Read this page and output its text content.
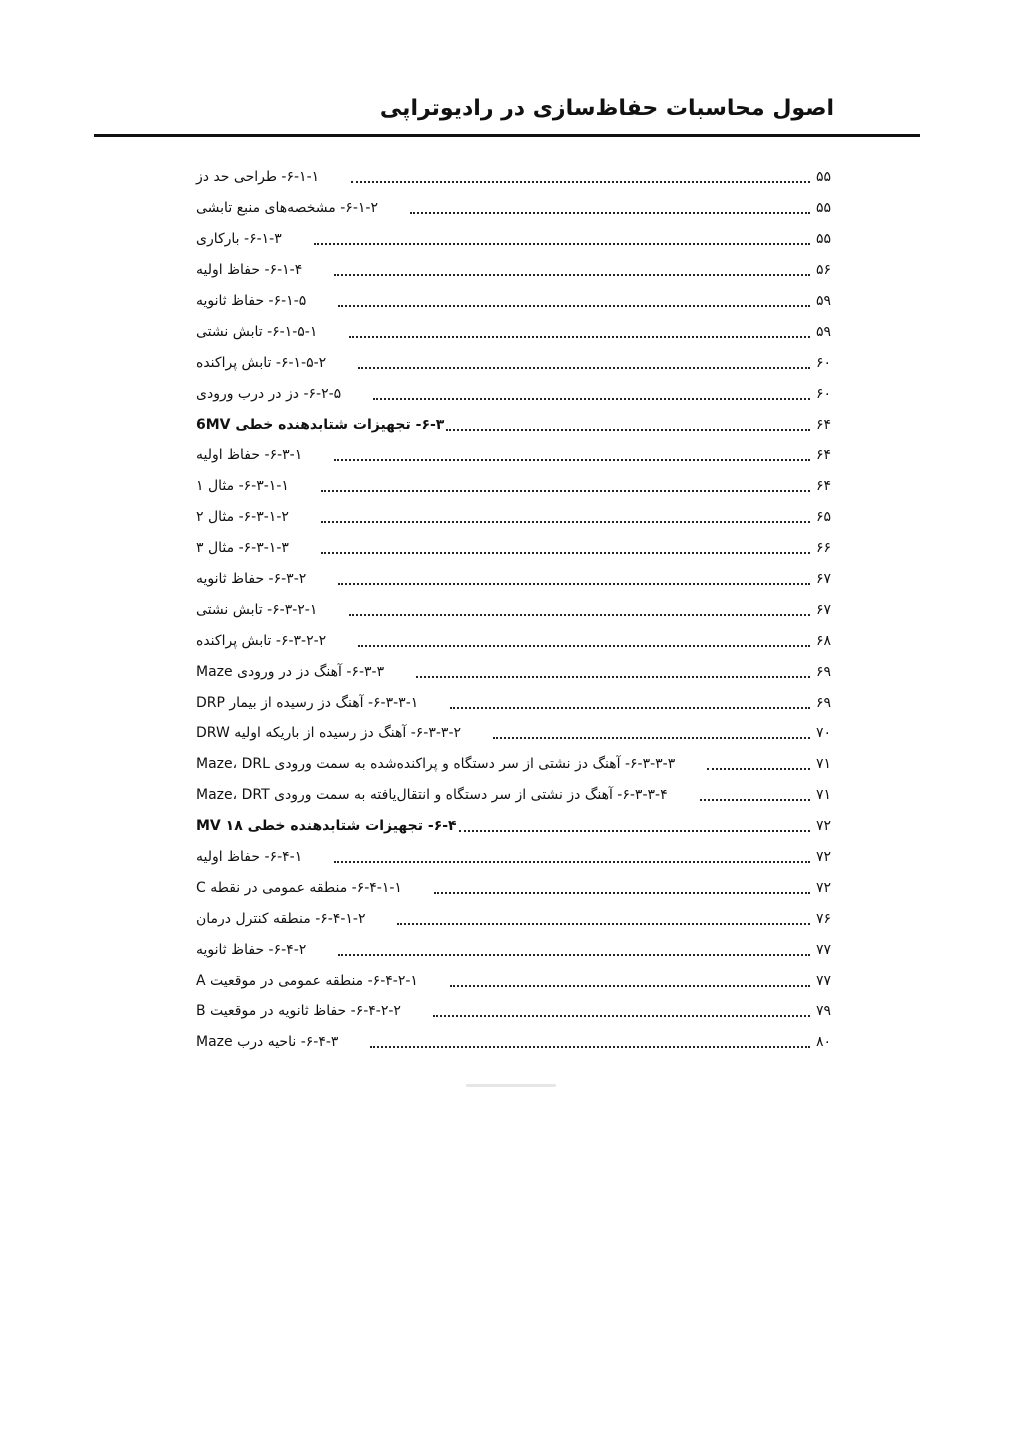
اصول محاسبات حفاظ‌سازی در رادیوتراپی
۶-۱-۱- طراحی حد دز	۵۵
۶-۱-۲- مشخصه‌های منبع تابشی	۵۵
۶-۱-۳- بارکاری	۵۵
۶-۱-۴- حفاظ اولیه	۵۶
۶-۱-۵- حفاظ ثانویه	۵۹
۶-۱-۵-۱- تابش نشتی	۵۹
۶-۱-۵-۲- تابش پراکنده	۶۰
۶-۲-۵- دز در درب ورودی	۶۰
۶-۳- تجهیزات شتابدهنده خطی 6MV	۶۴
۶-۳-۱- حفاظ اولیه	۶۴
۶-۳-۱-۱- مثال ۱	۶۴
۶-۳-۱-۲- مثال ۲	۶۵
۶-۳-۱-۳- مثال ۳	۶۶
۶-۳-۲- حفاظ ثانویه	۶۷
۶-۳-۲-۱- تابش نشتی	۶۷
۶-۳-۲-۲- تابش پراکنده	۶۸
۶-۳-۳- آهنگ دز در ورودی Maze	۶۹
۶-۳-۳-۱- آهنگ دز رسیده از بیمار DRP	۶۹
۶-۳-۳-۲- آهنگ دز رسیده از باریکه اولیه DRW	۷۰
۶-۳-۳-۳- آهنگ دز نشتی از سر دستگاه و پراکنده‌شده به سمت ورودی Maze، DRL	۷۱
۶-۳-۳-۴- آهنگ دز نشتی از سر دستگاه و انتقال‌یافته به سمت ورودی Maze، DRT	۷۱
۶-۴- تجهیزات شتابدهنده خطی ۱۸ MV	۷۲
۶-۴-۱- حفاظ اولیه	۷۲
۶-۴-۱-۱- منطقه عمومی در نقطه C	۷۲
۶-۴-۱-۲- منطقه کنترل درمان	۷۶
۶-۴-۲- حفاظ ثانویه	۷۷
۶-۴-۲-۱- منطقه عمومی در موقعیت A	۷۷
۶-۴-۲-۲- حفاظ ثانویه در موقعیت B	۷۹
۶-۴-۳- ناحیه درب Maze	۸۰
